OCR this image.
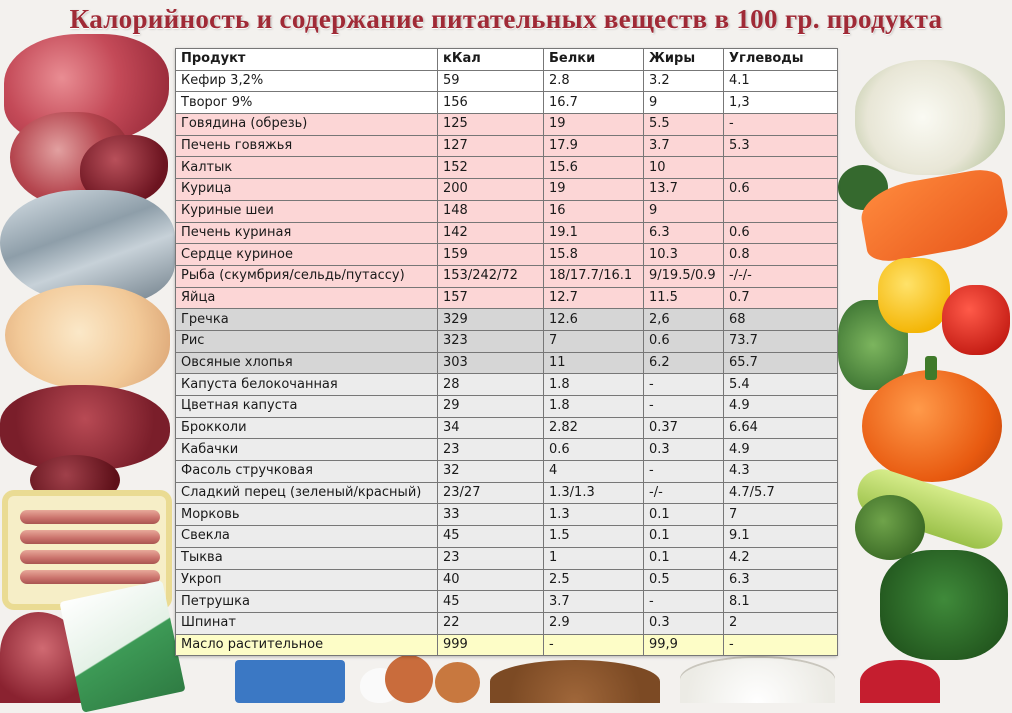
Калорийность и содержание питательных веществ в 100 гр. продукта
Продукт	кКал	Белки	Жиры	Углеводы
Кефир 3,2%	59	2.8	3.2	4.1
Творог 9%	156	16.7	9	1,3
Говядина (обрезь)	125	19	5.5	-
Печень говяжья	127	17.9	3.7	5.3
Калтык	152	15.6	10	
Курица	200	19	13.7	0.6
Куриные шеи	148	16	9	
Печень куриная	142	19.1	6.3	0.6
Сердце куриное	159	15.8	10.3	0.8
Рыба (скумбрия/сельдь/путассу)	153/242/72	18/17.7/16.1	9/19.5/0.9	-/-/-
Яйца	157	12.7	11.5	0.7
Гречка	329	12.6	2,6	68
Рис	323	7	0.6	73.7
Овсяные хлопья	303	11	6.2	65.7
Капуста белокочанная	28	1.8	-	5.4
Цветная капуста	29	1.8	-	4.9
Брокколи	34	2.82	0.37	6.64
Кабачки	23	0.6	0.3	4.9
Фасоль стручковая	32	4	-	4.3
Сладкий перец (зеленый/красный)	23/27	1.3/1.3	-/-	4.7/5.7
Морковь	33	1.3	0.1	7
Свекла	45	1.5	0.1	9.1
Тыква	23	1	0.1	4.2
Укроп	40	2.5	0.5	6.3
Петрушка	45	3.7	-	8.1
Шпинат	22	2.9	0.3	2
Масло растительное	999	-	99,9	-
